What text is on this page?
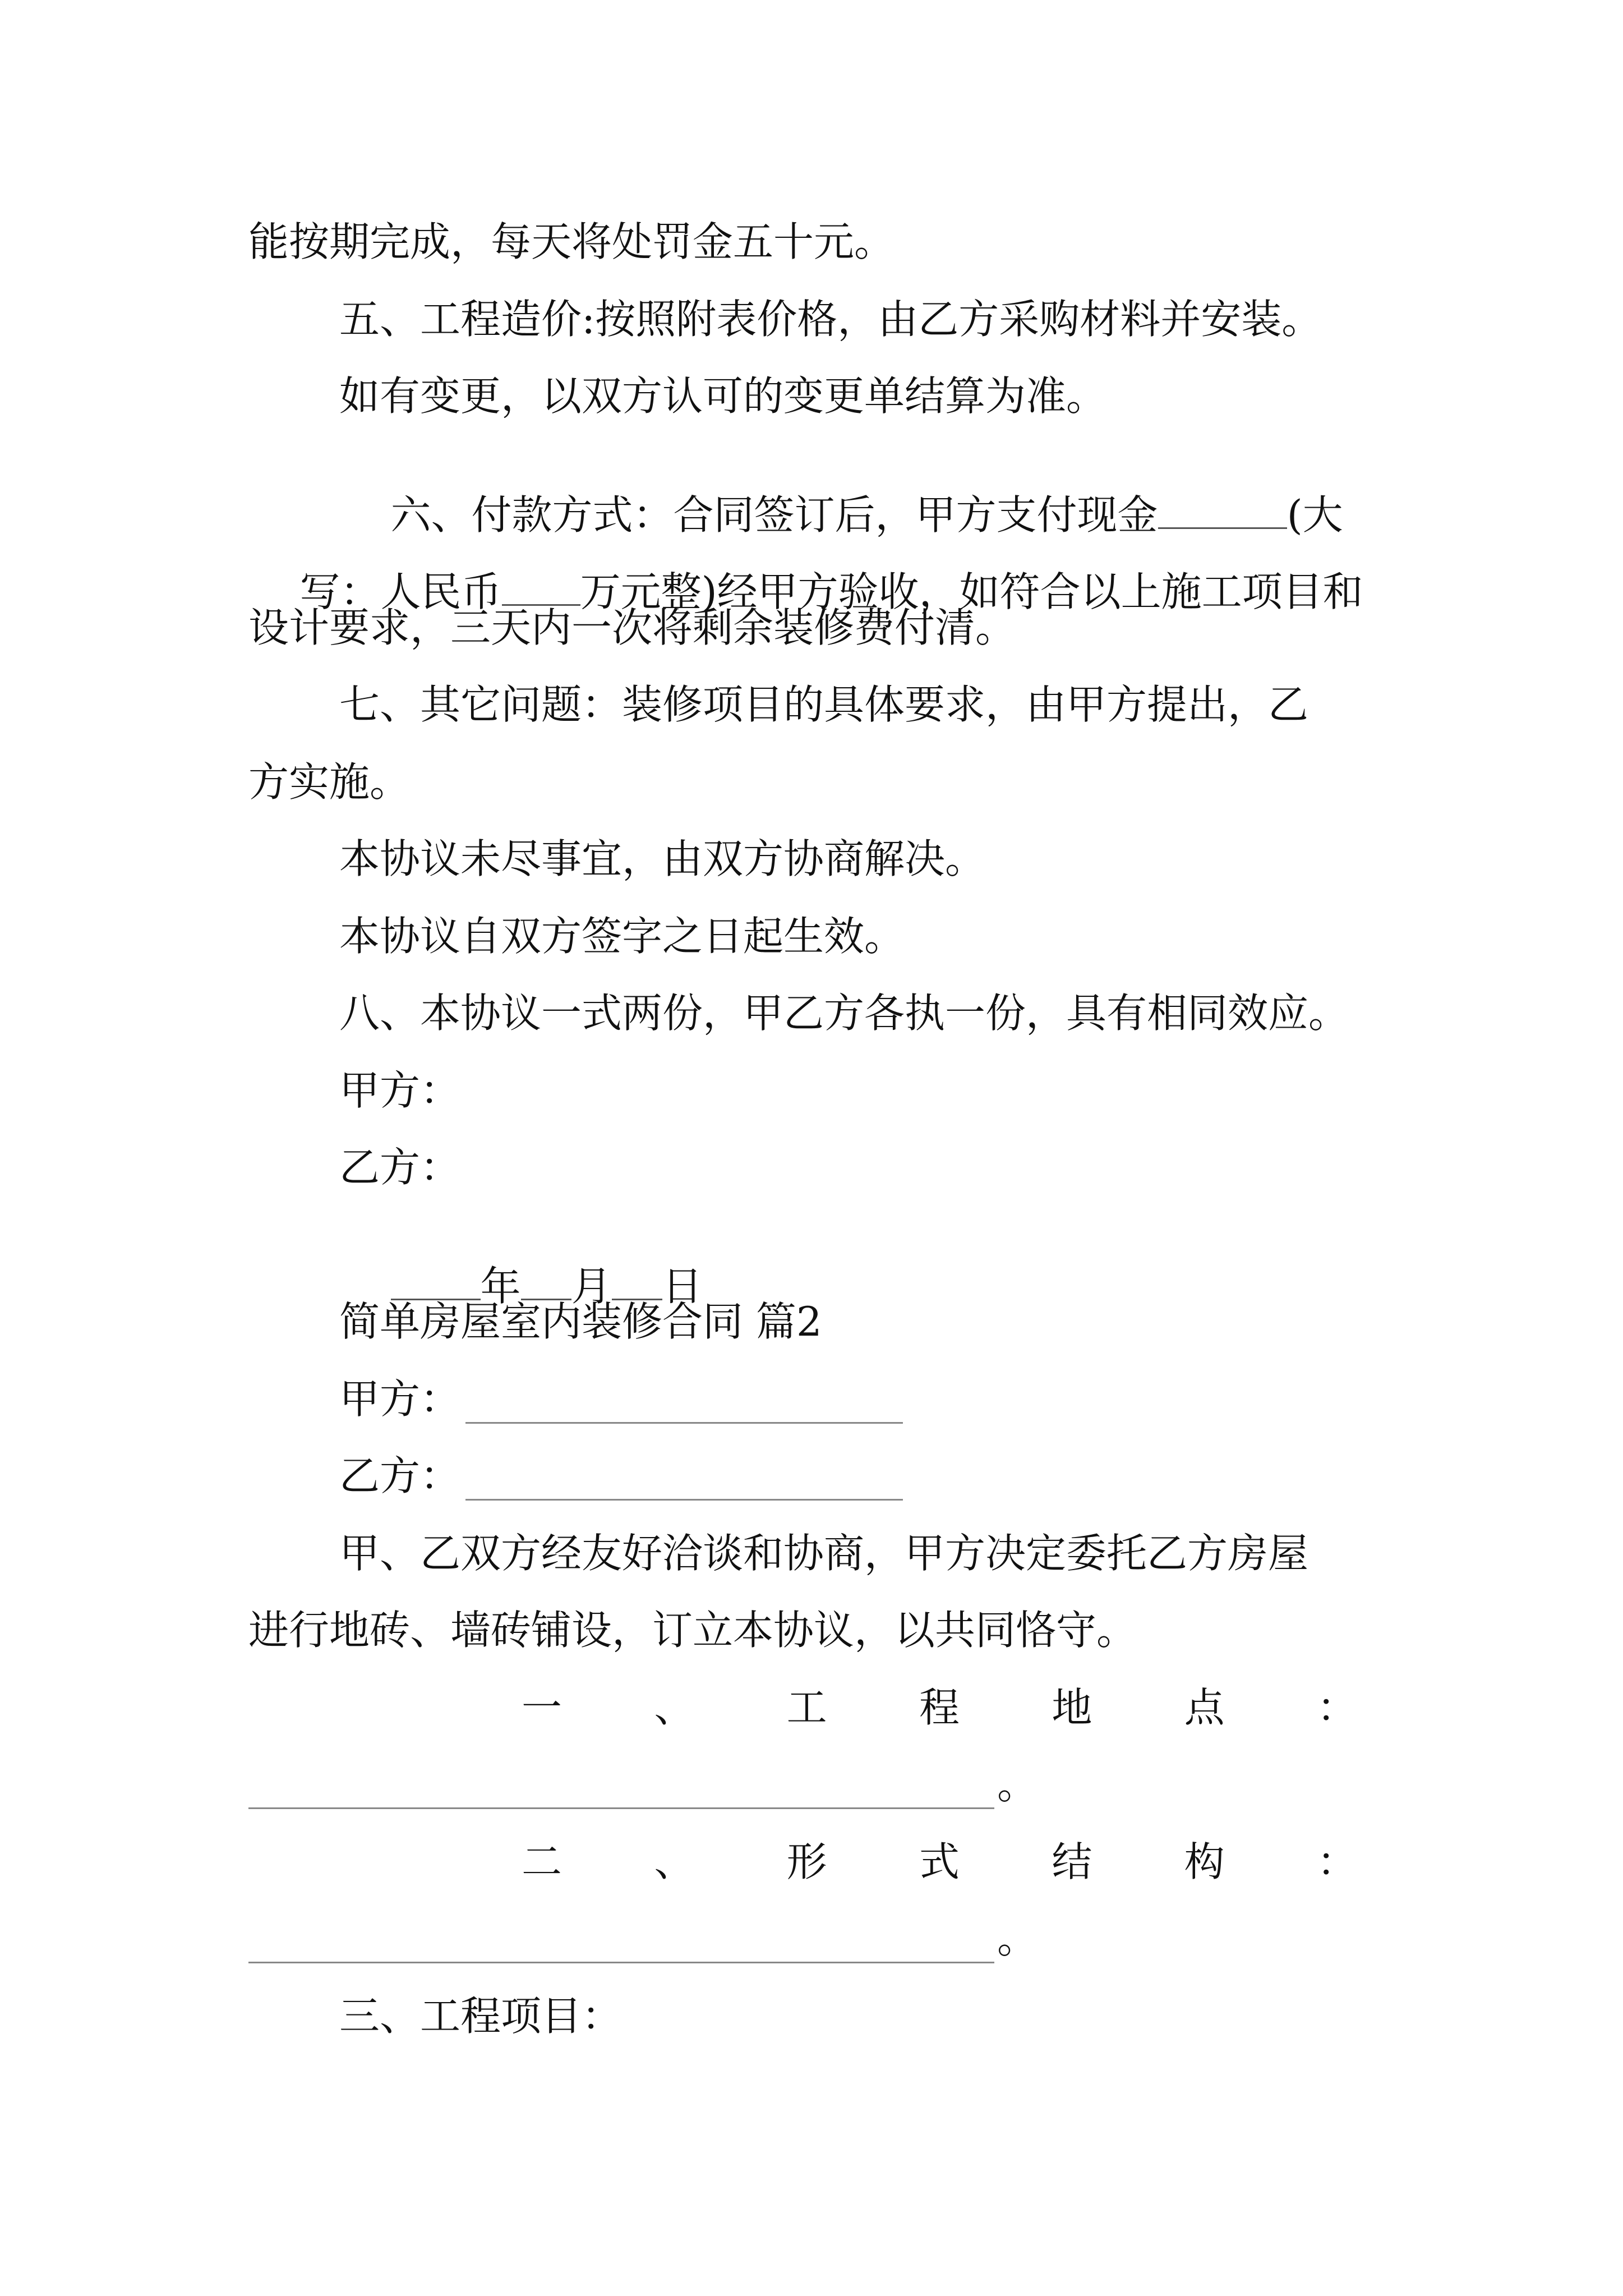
能按期完成，每天将处罚金五十元。
五、工程造价:按照附表价格，由乙方采购材料并安装。
如有变更，以双方认可的变更单结算为准。

六、付款方式：合同签订后，甲方支付现金	(大

写：人民币 万元整)经甲方验收，如符合以上施工项目和

设计要求，三天内一次将剩余装修费付清。
七、其它问题：装修项目的具体要求，由甲方提出，乙
方实施。
本协议未尽事宜，由双方协商解决。
本协议自双方签字之日起生效。
八、本协议一式两份，甲乙方各执一份，具有相同效应。
甲方：
乙方：

年 月 日

简单房屋室内装修合同 篇2
甲方：
乙方：
甲、乙双方经友好洽谈和协商，甲方决定委托乙方房屋
进行地砖、墙砖铺设，订立本协议，以共同恪守。
一 、 工 程 地 点 ：
。
二 、 形 式 结 构 ：
。
三、工程项目：
